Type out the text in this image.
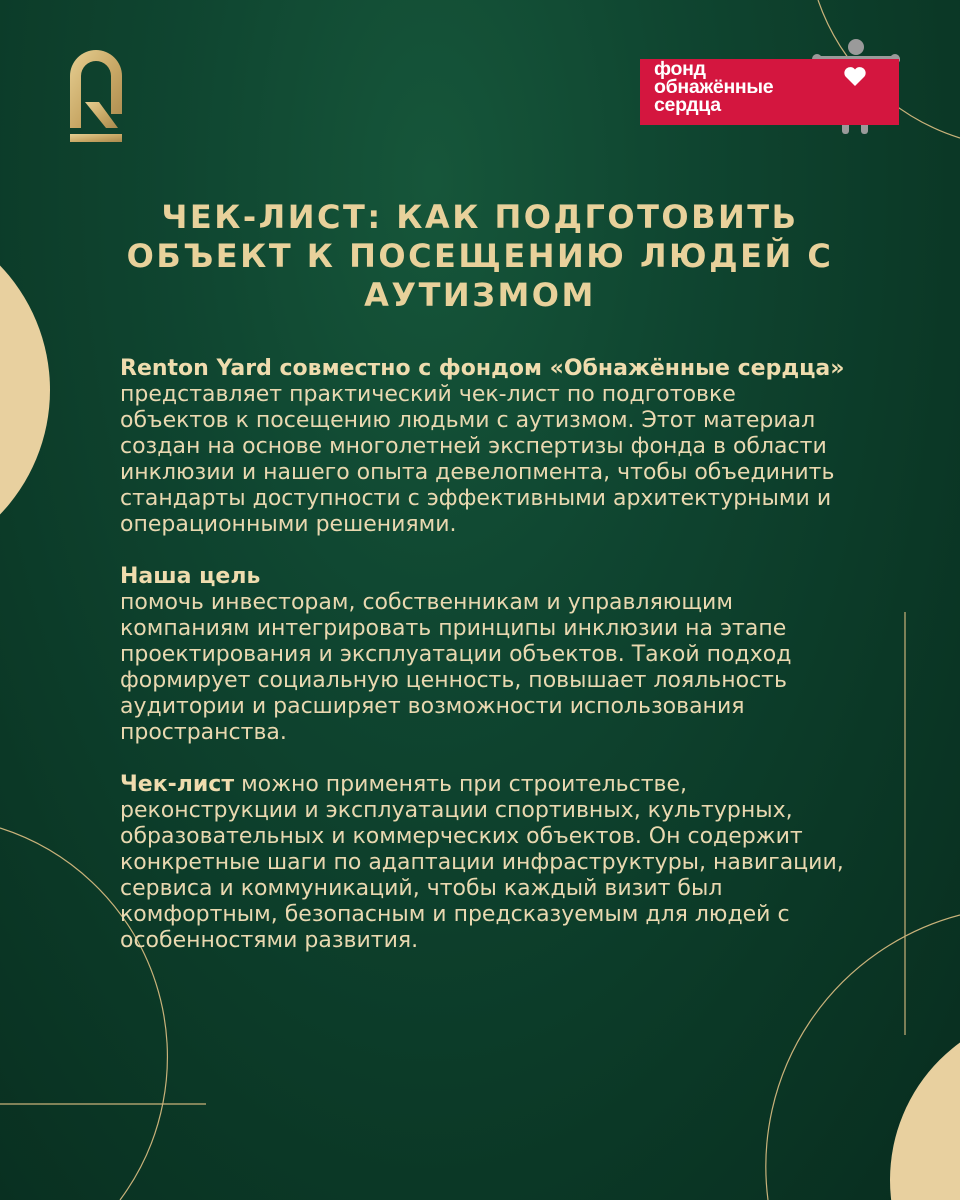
фонд
обнажённые
сердца
ЧЕК-ЛИСТ: КАК ПОДГОТОВИТЬ ОБЪЕКТ К ПОСЕЩЕНИЮ ЛЮДЕЙ С АУТИЗМОМ

Renton Yard совместно с фондом «Обнажённые сердца» представляет практический чек-лист по подготовке объектов к посещению людьми с аутизмом. Этот материал создан на основе многолетней экспертизы фонда в области инклюзии и нашего опыта девелопмента, чтобы объединить стандарты доступности с эффективными архитектурными и операционными решениями.

Наша цель
помочь инвесторам, собственникам и управляющим компаниям интегрировать принципы инклюзии на этапе проектирования и эксплуатации объектов. Такой подход формирует социальную ценность, повышает лояльность аудитории и расширяет возможности использования пространства.

Чек-лист можно применять при строительстве, реконструкции и эксплуатации спортивных, культурных, образовательных и коммерческих объектов. Он содержит конкретные шаги по адаптации инфраструктуры, навигации, сервиса и коммуникаций, чтобы каждый визит был комфортным, безопасным и предсказуемым для людей с особенностями развития.
